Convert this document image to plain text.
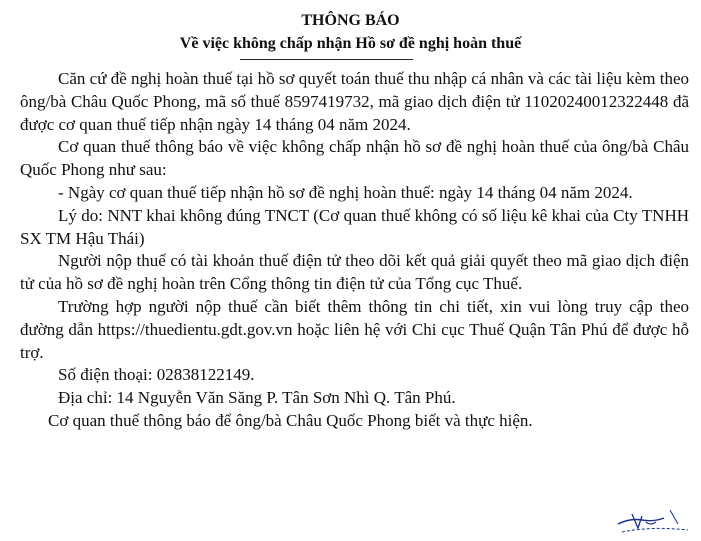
THÔNG BÁO
Về việc không chấp nhận Hồ sơ đề nghị hoàn thuế

Căn cứ đề nghị hoàn thuế tại hồ sơ quyết toán thuế thu nhập cá nhân và các tài liệu kèm theo ông/bà Châu Quốc Phong, mã số thuế 8597419732, mã giao dịch điện tử 11020240012322448 đã được cơ quan thuế tiếp nhận ngày 14 tháng 04 năm 2024.

Cơ quan thuế thông báo về việc không chấp nhận hồ sơ đề nghị hoàn thuế của ông/bà Châu Quốc Phong như sau:

- Ngày cơ quan thuế tiếp nhận hồ sơ đề nghị hoàn thuế: ngày 14 tháng 04 năm 2024.

Lý do: NNT khai không đúng TNCT (Cơ quan thuế không có số liệu kê khai của Cty TNHH SX TM Hậu Thái)

Người nộp thuế có tài khoản thuế điện tử theo dõi kết quả giải quyết theo mã giao dịch điện tử của hồ sơ đề nghị hoàn trên Cổng thông tin điện tử của Tổng cục Thuế.

Trường hợp người nộp thuế cần biết thêm thông tin chi tiết, xin vui lòng truy cập theo đường dẫn https://thuedientu.gdt.gov.vn hoặc liên hệ với Chi cục Thuế Quận Tân Phú để được hỗ trợ.

Số điện thoại: 02838122149.

Địa chỉ: 14 Nguyễn Văn Săng P. Tân Sơn Nhì Q. Tân Phú.

Cơ quan thuế thông báo để ông/bà Châu Quốc Phong biết và thực hiện.
